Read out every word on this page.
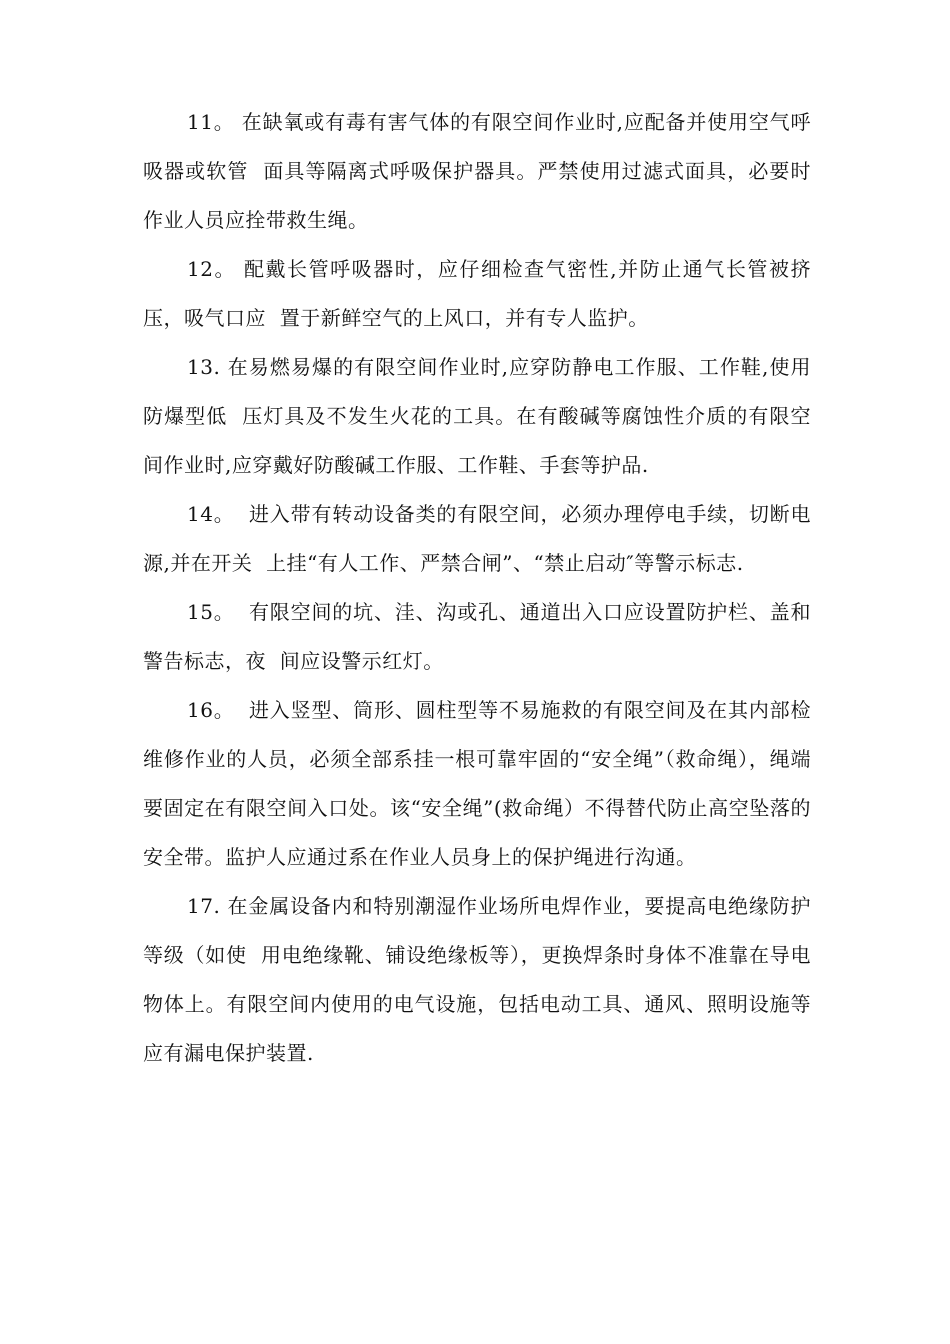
11。 在缺氧或有毒有害气体的有限空间作业时,应配备并使用空气呼吸器或软管  面具等隔离式呼吸保护器具。严禁使用过滤式面具，必要时作业人员应拴带救生绳。

12。 配戴长管呼吸器时，应仔细检查气密性,并防止通气长管被挤压，吸气口应  置于新鲜空气的上风口，并有专人监护。

13. 在易燃易爆的有限空间作业时,应穿防静电工作服、工作鞋,使用防爆型低  压灯具及不发生火花的工具。在有酸碱等腐蚀性介质的有限空间作业时,应穿戴好防酸碱工作服、工作鞋、手套等护品.

14。  进入带有转动设备类的有限空间，必须办理停电手续，切断电源,并在开关  上挂“有人工作、严禁合闸”、“禁止启动″等警示标志.

15。  有限空间的坑、洼、沟或孔、通道出入口应设置防护栏、盖和警告标志，夜  间应设警示红灯。

16。  进入竖型、筒形、圆柱型等不易施救的有限空间及在其内部检维修作业的人员，必须全部系挂一根可靠牢固的“安全绳”（救命绳），绳端要固定在有限空间入口处。该“安全绳”(救命绳）不得替代防止高空坠落的安全带。监护人应通过系在作业人员身上的保护绳进行沟通。

17. 在金属设备内和特别潮湿作业场所电焊作业，要提高电绝缘防护等级（如使  用电绝缘靴、铺设绝缘板等），更换焊条时身体不准靠在导电物体上。有限空间内使用的电气设施，包括电动工具、通风、照明设施等应有漏电保护装置.
